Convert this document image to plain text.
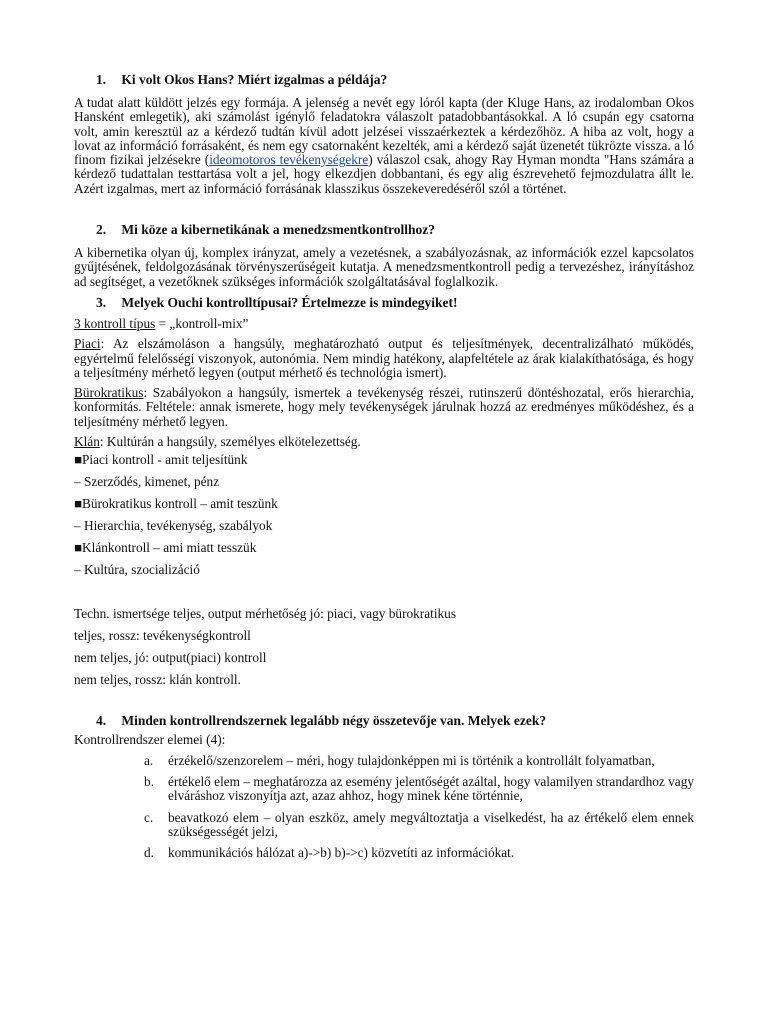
1. Ki volt Okos Hans? Miért izgalmas a példája?

A tudat alatt küldött jelzés egy formája. A jelenség a nevét egy lóról kapta (der Kluge Hans, az irodalomban Okos Hansként emlegetik), aki számolást igénylő feladatokra válaszolt patadobbantásokkal. A ló csupán egy csatorna volt, amin keresztül az a kérdező tudtán kívül adott jelzései visszaérkeztek a kérdezőhöz. A hiba az volt, hogy a lovat az információ forrásaként, és nem egy csatornaként kezelték, ami a kérdező saját üzenetét tükrözte vissza. a ló finom fizikai jelzésekre (ideomotoros tevékenységekre) válaszol csak, ahogy Ray Hyman mondta "Hans számára a kérdező tudattalan testtartása volt a jel, hogy elkezdjen dobbantani, és egy alig észrevehető fejmozdulatra állt le. Azért izgalmas, mert az információ forrásának klasszikus összekeveredéséről szól a történet.

2. Mi köze a kibernetikának a menedzsmentkontrollhoz?

A kibernetika olyan új, komplex irányzat, amely a vezetésnek, a szabályozásnak, az információk ezzel kapcsolatos gyűjtésének, feldolgozásának törvényszerűségeit kutatja. A menedzsmentkontroll pedig a tervezéshez, irányításhoz ad segítséget, a vezetőknek szükséges információk szolgáltatásával foglalkozik.

3. Melyek Ouchi kontrolltípusai? Értelmezze is mindegyiket!

3 kontroll típus = „kontroll-mix”

Piaci: Az elszámoláson a hangsúly, meghatározható output és teljesítmények, decentralizálható működés, egyértelmű felelősségi viszonyok, autonómia. Nem mindig hatékony, alapfeltétele az árak kialakíthatósága, és hogy a teljesítmény mérhető legyen (output mérhető és technológia ismert).

Bürokratikus: Szabályokon a hangsúly, ismertek a tevékenység részei, rutinszerű döntéshozatal, erős hierarchia, konformitás. Feltétele: annak ismerete, hogy mely tevékenységek járulnak hozzá az eredményes működéshez, és a teljesítmény mérhető legyen.

Klán: Kultúrán a hangsúly, személyes elkötelezettség.

■Piaci kontroll - amit teljesítünk
– Szerződés, kimenet, pénz
■Bürokratikus kontroll – amit teszünk
– Hierarchia, tevékenység, szabályok
■Klánkontroll – ami miatt tesszük
– Kultúra, szocializáció
Techn. ismertsége teljes, output mérhetőség jó: piaci, vagy bürokratikus
teljes, rossz: tevékenységkontroll
nem teljes, jó: output(piaci) kontroll
nem teljes, rossz: klán kontroll.
4. Minden kontrollrendszernek legalább négy összetevője van. Melyek ezek?

Kontrollrendszer elemei (4):

a. érzékelő/szenzorelem – méri, hogy tulajdonképpen mi is történik a kontrollált folyamatban,
b. értékelő elem – meghatározza az esemény jelentőségét azáltal, hogy valamilyen strandardhoz vagy elváráshoz viszonyítja azt, azaz ahhoz, hogy minek kéne történnie,
c. beavatkozó elem – olyan eszköz, amely megváltoztatja a viselkedést, ha az értékelő elem ennek szükségességét jelzi,
d. kommunikációs hálózat a)->b) b)->c) közvetíti az információkat.
